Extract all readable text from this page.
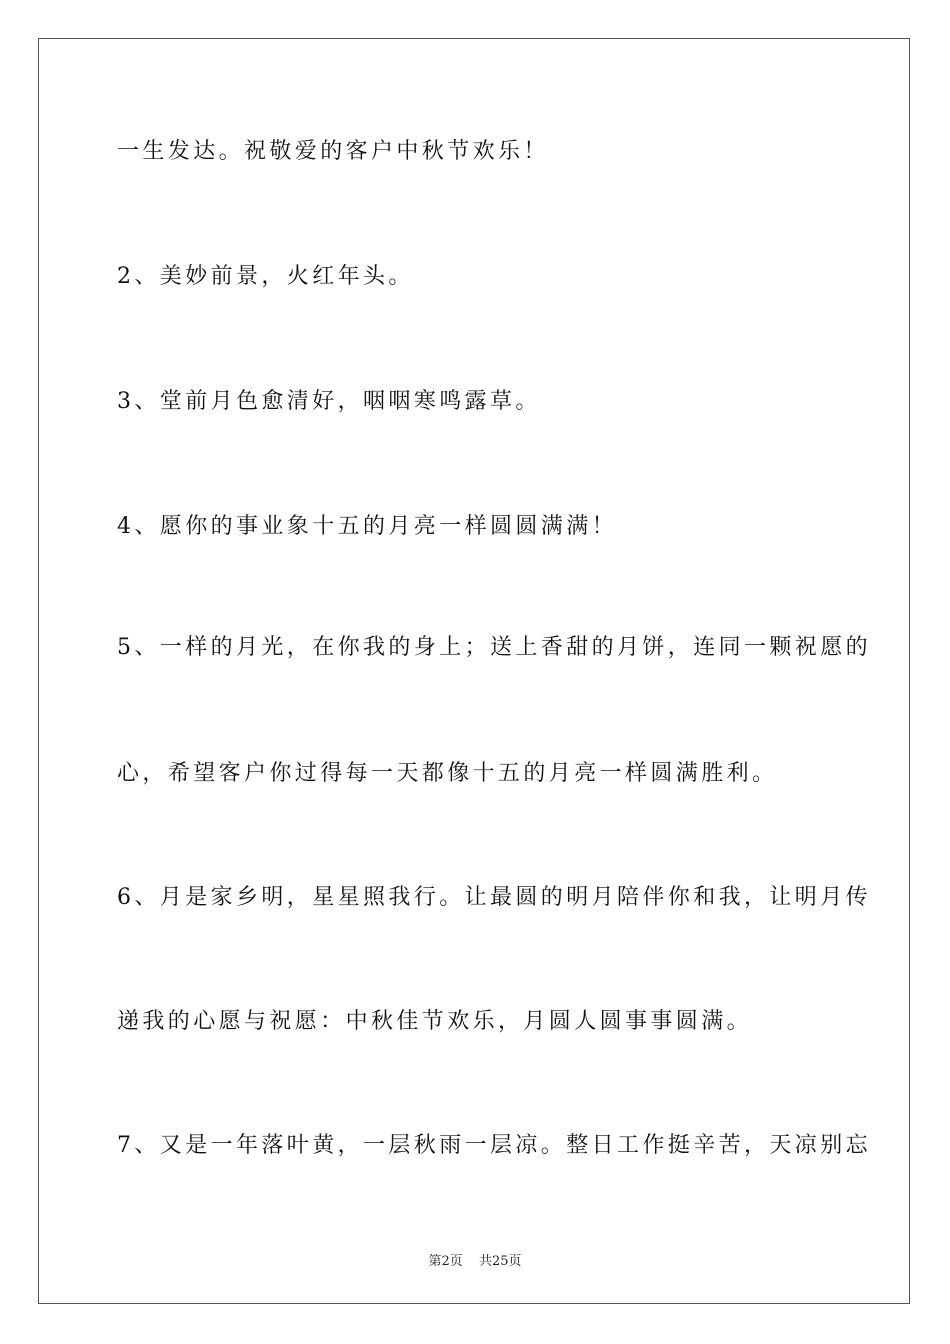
一生发达。祝敬爱的客户中秋节欢乐！
2、美妙前景，火红年头。
3、堂前月色愈清好，咽咽寒鸣露草。
4、愿你的事业象十五的月亮一样圆圆满满！
5、一样的月光，在你我的身上；送上香甜的月饼，连同一颗祝愿的
心，希望客户你过得每一天都像十五的月亮一样圆满胜利。
6、月是家乡明，星星照我行。让最圆的明月陪伴你和我，让明月传
递我的心愿与祝愿：中秋佳节欢乐，月圆人圆事事圆满。
7、又是一年落叶黄，一层秋雨一层凉。整日工作挺辛苦，天凉别忘
第2页 共25页
